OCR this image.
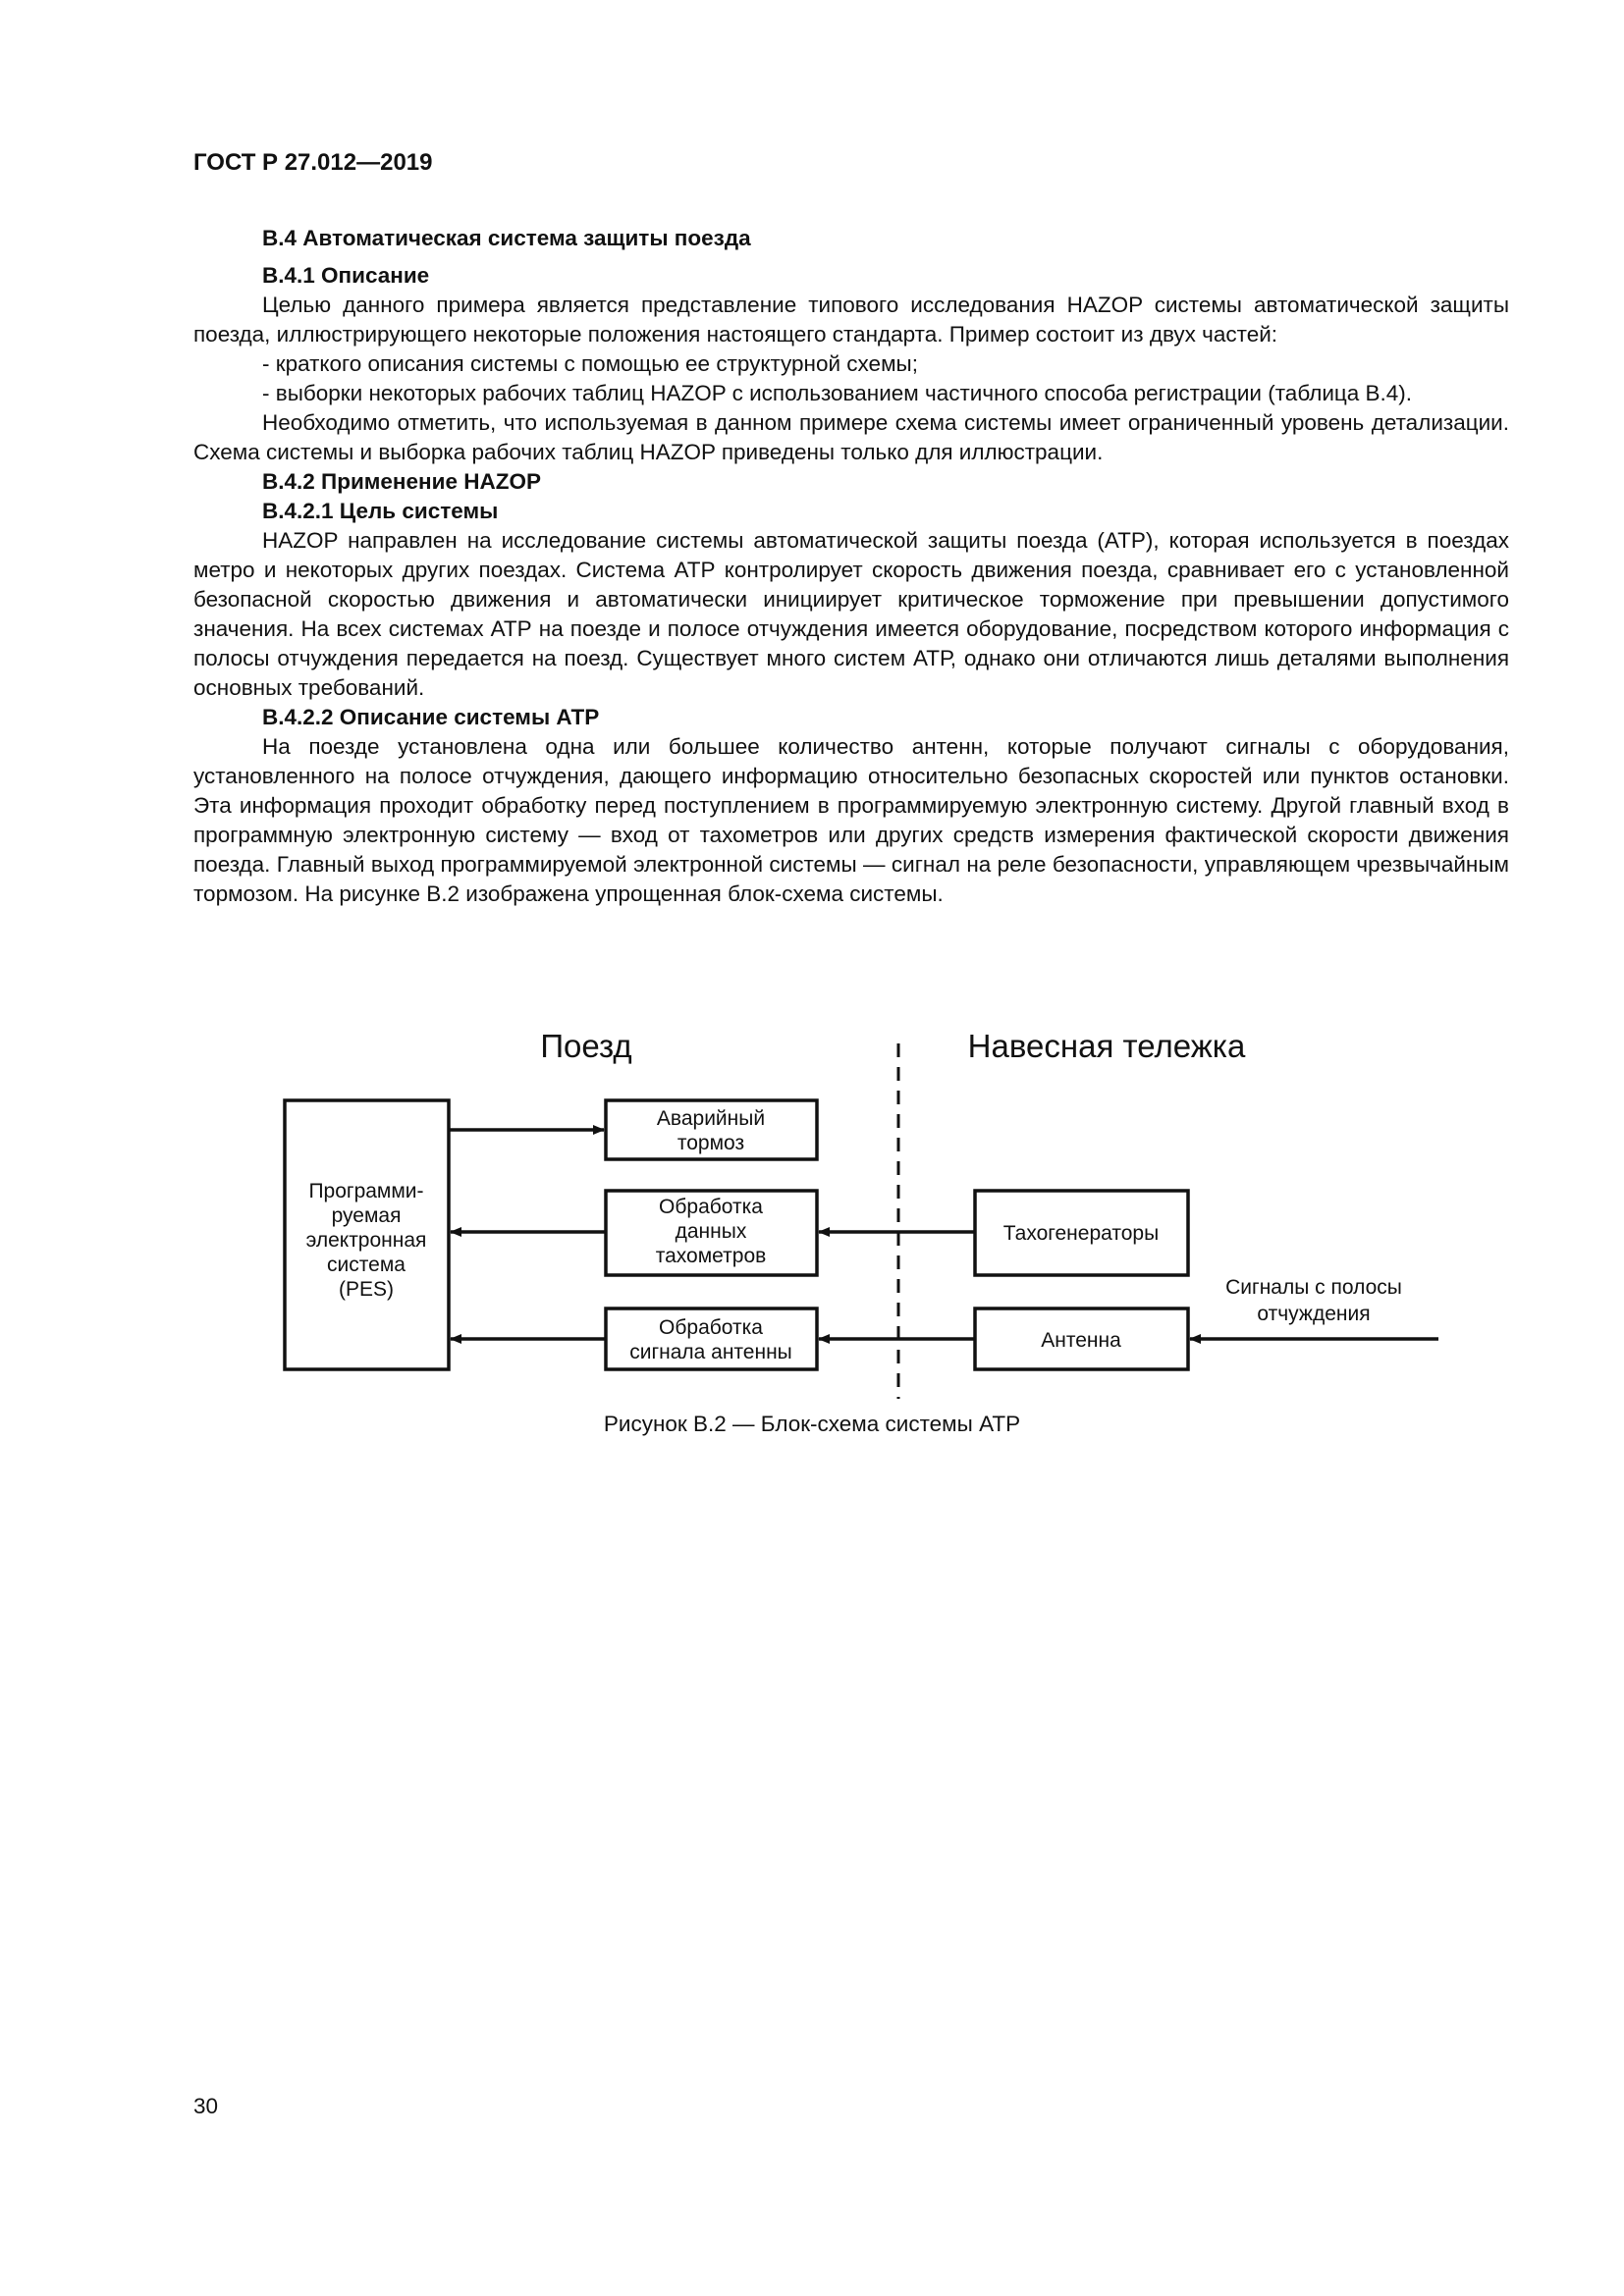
ГОСТ Р 27.012—2019

В.4 Автоматическая система защиты поезда

В.4.1 Описание

Целью данного примера является представление типового исследования HAZOP системы автоматической защиты поезда, иллюстрирующего некоторые положения настоящего стандарта. Пример состоит из двух частей:

- краткого описания системы с помощью ее структурной схемы;

- выборки некоторых рабочих таблиц HAZOP с использованием частичного способа регистрации (таблица В.4).

Необходимо отметить, что используемая в данном примере схема системы имеет ограниченный уровень детализации. Схема системы и выборка рабочих таблиц HAZOP приведены только для иллюстрации.

В.4.2 Применение HAZOP

В.4.2.1 Цель системы

HAZOP направлен на исследование системы автоматической защиты поезда (АТР), которая используется в поездах метро и некоторых других поездах. Система АТР контролирует скорость движения поезда, сравнивает его с установленной безопасной скоростью движения и автоматически инициирует критическое торможение при превышении допустимого значения. На всех системах АТР на поезде и полосе отчуждения имеется оборудование, посредством которого информация с полосы отчуждения передается на поезд. Существует много систем АТР, однако они отличаются лишь деталями выполнения основных требований.

В.4.2.2 Описание системы АТР

На поезде установлена одна или большее количество антенн, которые получают сигналы с оборудования, установленного на полосе отчуждения, дающего информацию относительно безопасных скоростей или пунктов остановки. Эта информация проходит обработку перед поступлением в программируемую электронную систему. Другой главный вход в программную электронную систему — вход от тахометров или других средств измерения фактической скорости движения поезда. Главный выход программируемой электронной системы — сигнал на реле безопасности, управляющем чрезвычайным тормозом. На рисунке В.2 изображена упрощенная блок-схема системы.

Поезд	Навесная тележка
Программи-
руемая
электронная
система
(PES)
Аварийный
тормоз
Обработка
данных
тахометров
Обработка
сигнала антенны
Тахогенераторы
Антенна
Сигналы с полосы
отчуждения
Рисунок В.2 — Блок-схема системы АТР
30
